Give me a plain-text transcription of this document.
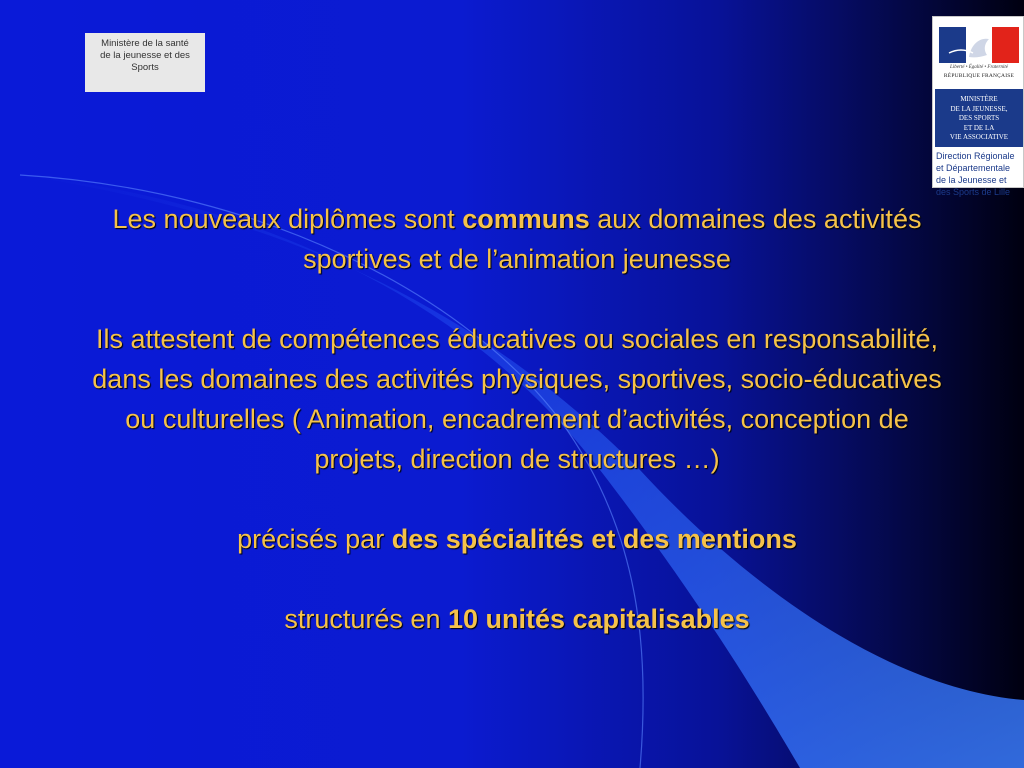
Ministère de la santé
de la jeunesse et des
Sports	Liberté • Égalité • Fraternité
RÉPUBLIQUE FRANÇAISE
MINISTÈRE
DE LA JEUNESSE,
DES SPORTS
ET DE LA
VIE ASSOCIATIVE
Direction Régionale
et Départementale
de la Jeunesse et
des Sports de Lille

Les nouveaux diplômes sont communs aux domaines des activités sportives et de l’animation jeunesse

Ils attestent de compétences éducatives ou sociales en responsabilité, dans les domaines des activités physiques, sportives, socio-éducatives ou culturelles ( Animation, encadrement d’activités, conception de projets, direction de structures …)

précisés par des spécialités et des mentions

structurés en 10 unités capitalisables
